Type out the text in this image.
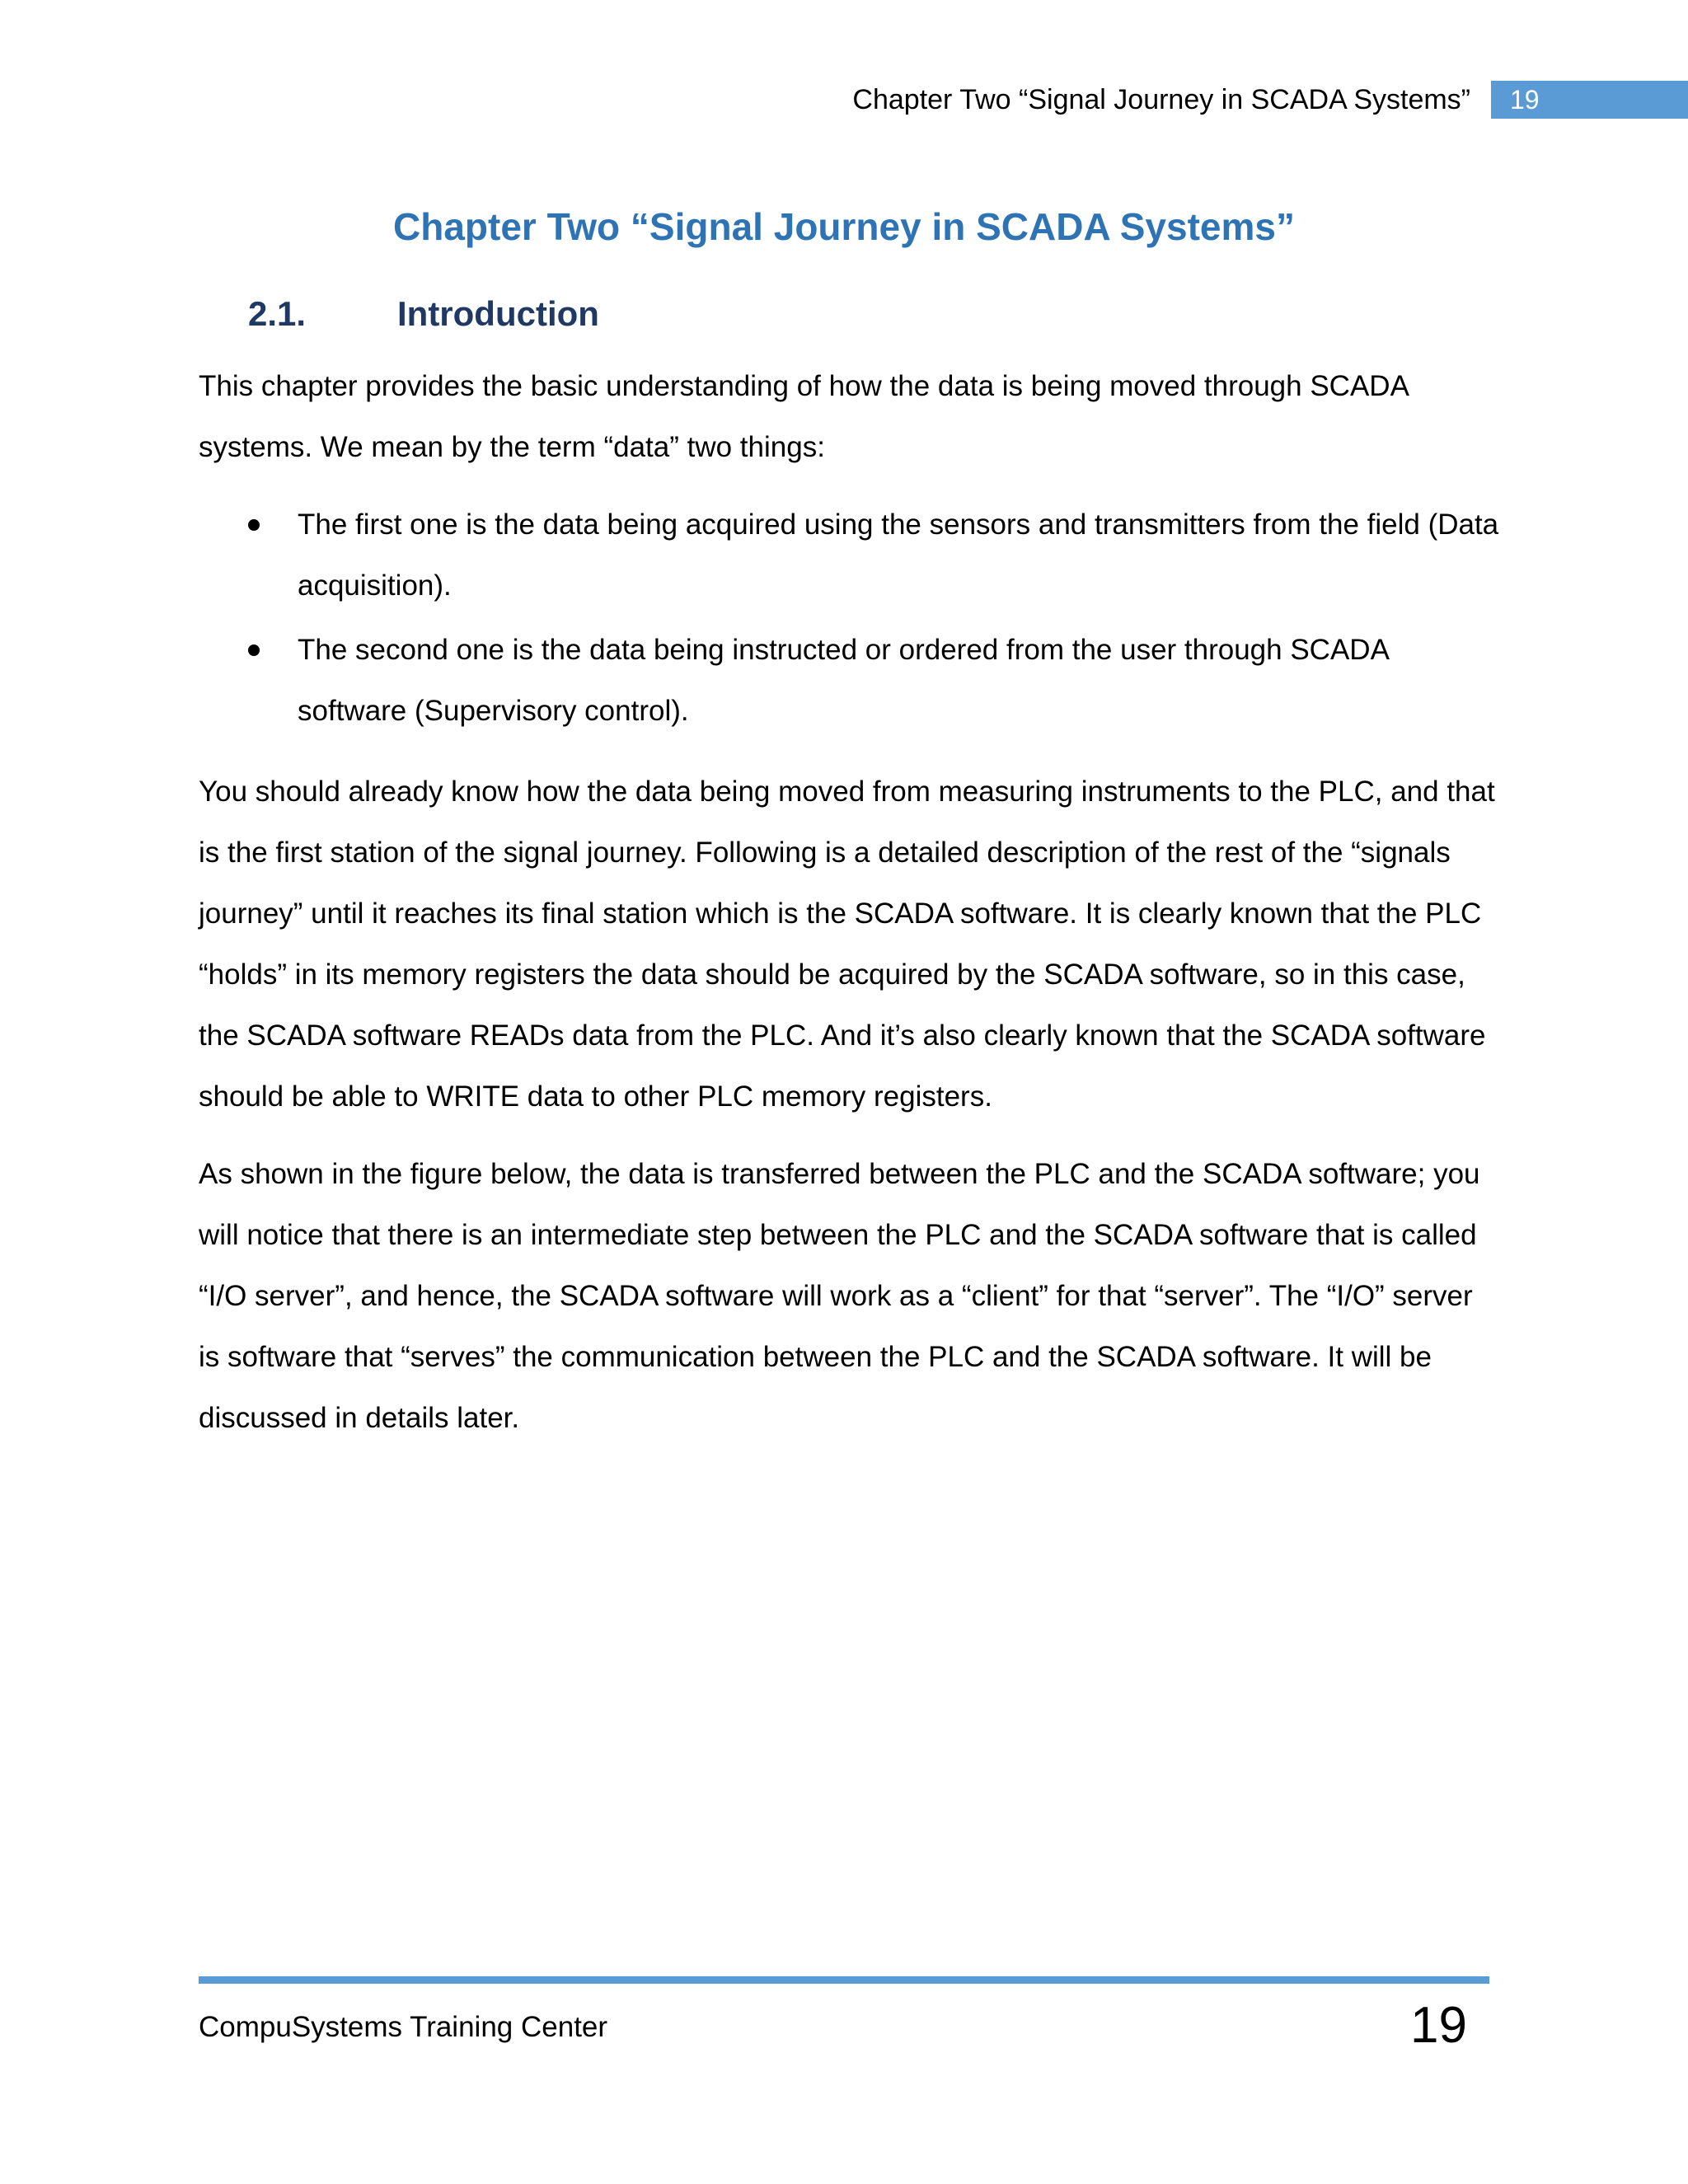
Chapter Two “Signal Journey in SCADA Systems”	19
Chapter Two “Signal Journey in SCADA Systems”
2.1.	Introduction

This chapter provides the basic understanding of how the data is being moved through SCADA systems. We mean by the term “data” two things:

The first one is the data being acquired using the sensors and transmitters from the field (Data acquisition).
The second one is the data being instructed or ordered from the user through SCADA software (Supervisory control).

You should already know how the data being moved from measuring instruments to the PLC, and that is the first station of the signal journey. Following is a detailed description of the rest of the “signals journey” until it reaches its final station which is the SCADA software. It is clearly known that the PLC “holds” in its memory registers the data should be acquired by the SCADA software, so in this case, the SCADA software READs data from the PLC. And it’s also clearly known that the SCADA software should be able to WRITE data to other PLC memory registers.

As shown in the figure below, the data is transferred between the PLC and the SCADA software; you will notice that there is an intermediate step between the PLC and the SCADA software that is called “I/O server”, and hence, the SCADA software will work as a “client” for that “server”. The “I/O” server is software that “serves” the communication between the PLC and the SCADA software. It will be discussed in details later.

CompuSystems Training Center	19
